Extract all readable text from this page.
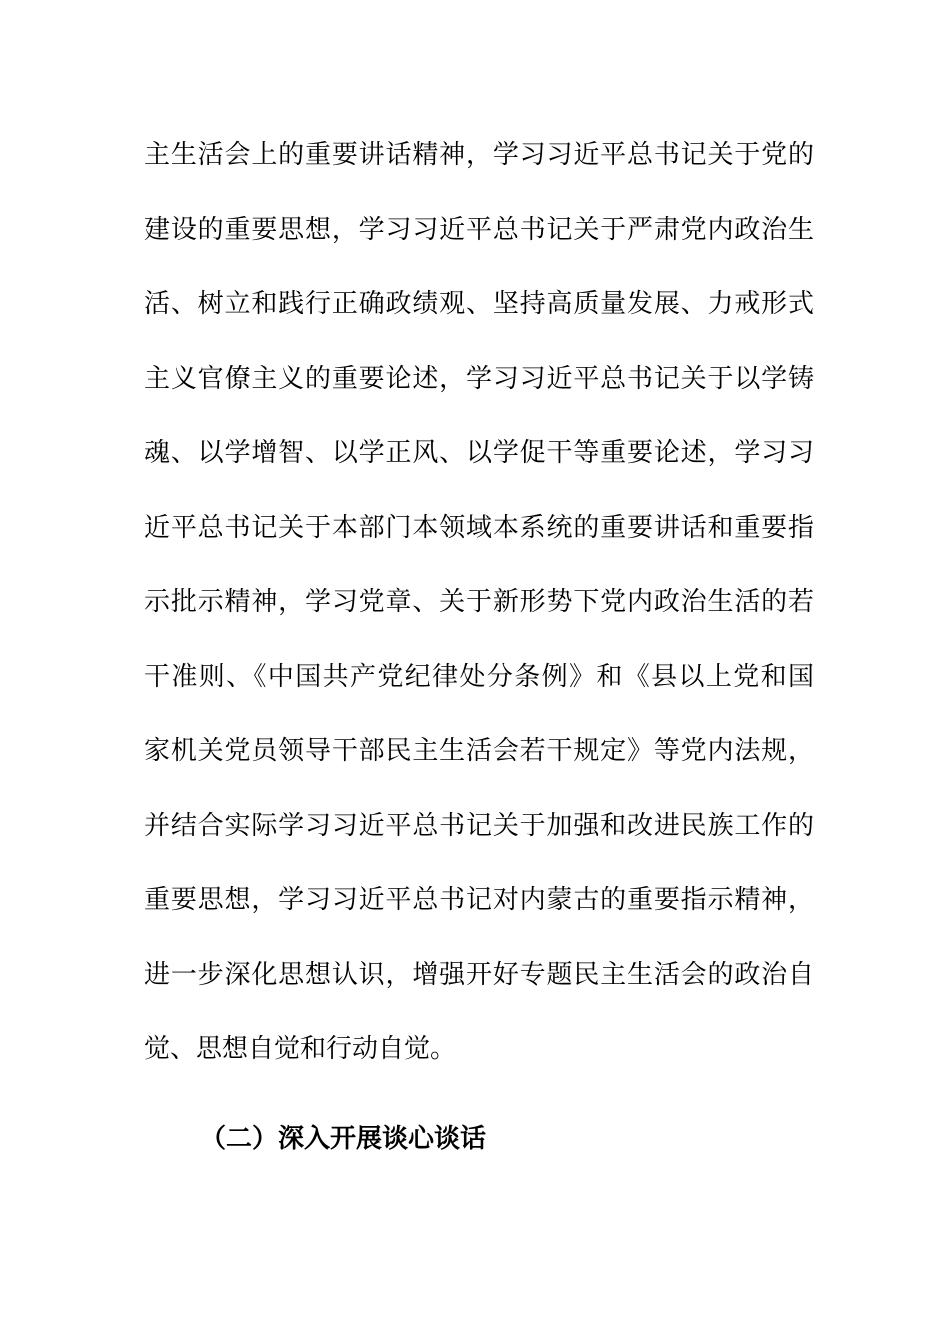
主生活会上的重要讲话精神，学习习近平总书记关于党的
建设的重要思想，学习习近平总书记关于严肃党内政治生
活、树立和践行正确政绩观、坚持高质量发展、力戒形式
主义官僚主义的重要论述，学习习近平总书记关于以学铸
魂、以学增智、以学正风、以学促干等重要论述，学习习
近平总书记关于本部门本领域本系统的重要讲话和重要指
示批示精神，学习党章、关于新形势下党内政治生活的若
干准则、《中国共产党纪律处分条例》和《县以上党和国
家机关党员领导干部民主生活会若干规定》等党内法规，
并结合实际学习习近平总书记关于加强和改进民族工作的
重要思想，学习习近平总书记对内蒙古的重要指示精神，
进一步深化思想认识，增强开好专题民主生活会的政治自
觉、思想自觉和行动自觉。

（二）深入开展谈心谈话
